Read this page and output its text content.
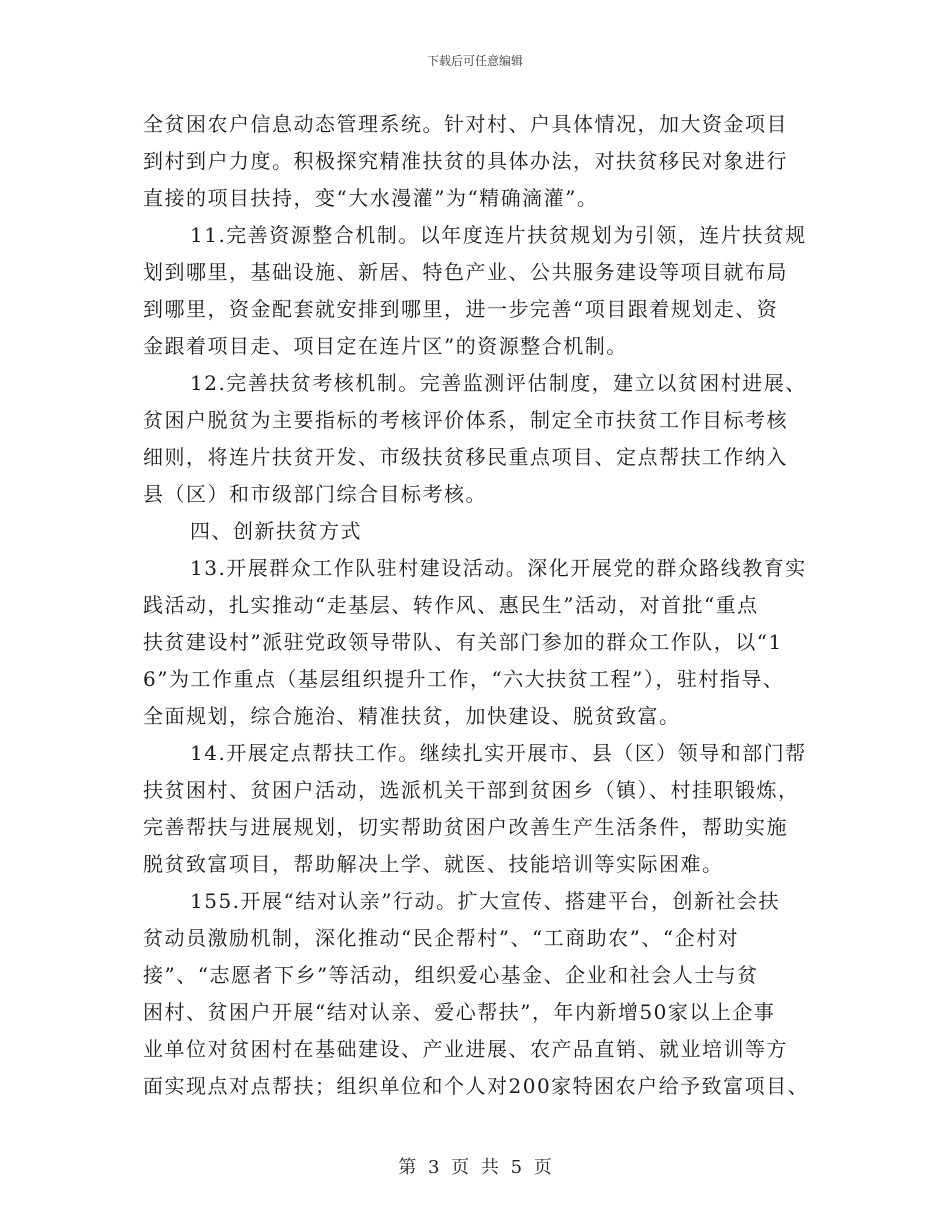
下载后可任意编辑
全贫困农户信息动态管理系统。针对村、户具体情况，加大资金项目
到村到户力度。积极探究精准扶贫的具体办法，对扶贫移民对象进行
直接的项目扶持，变“大水漫灌”为“精确滴灌”。
11.完善资源整合机制。以年度连片扶贫规划为引领，连片扶贫规
划到哪里，基础设施、新居、特色产业、公共服务建设等项目就布局
到哪里，资金配套就安排到哪里，进一步完善“项目跟着规划走、资
金跟着项目走、项目定在连片区”的资源整合机制。
12.完善扶贫考核机制。完善监测评估制度，建立以贫困村进展、
贫困户脱贫为主要指标的考核评价体系，制定全市扶贫工作目标考核
细则，将连片扶贫开发、市级扶贫移民重点项目、定点帮扶工作纳入
县（区）和市级部门综合目标考核。
四、创新扶贫方式
13.开展群众工作队驻村建设活动。深化开展党的群众路线教育实
践活动，扎实推动“走基层、转作风、惠民生”活动，对首批“重点
扶贫建设村”派驻党政领导带队、有关部门参加的群众工作队，以“1
6”为工作重点（基层组织提升工作，“六大扶贫工程”），驻村指导、
全面规划，综合施治、精准扶贫，加快建设、脱贫致富。
14.开展定点帮扶工作。继续扎实开展市、县（区）领导和部门帮
扶贫困村、贫困户活动，选派机关干部到贫困乡（镇）、村挂职锻炼，
完善帮扶与进展规划，切实帮助贫困户改善生产生活条件，帮助实施
脱贫致富项目，帮助解决上学、就医、技能培训等实际困难。
155.开展“结对认亲”行动。扩大宣传、搭建平台，创新社会扶
贫动员激励机制，深化推动“民企帮村”、“工商助农”、“企村对
接”、“志愿者下乡”等活动，组织爱心基金、企业和社会人士与贫
困村、贫困户开展“结对认亲、爱心帮扶”，年内新增50家以上企事
业单位对贫困村在基础建设、产业进展、农产品直销、就业培训等方
面实现点对点帮扶；组织单位和个人对200家特困农户给予致富项目、
第 3 页 共 5 页
